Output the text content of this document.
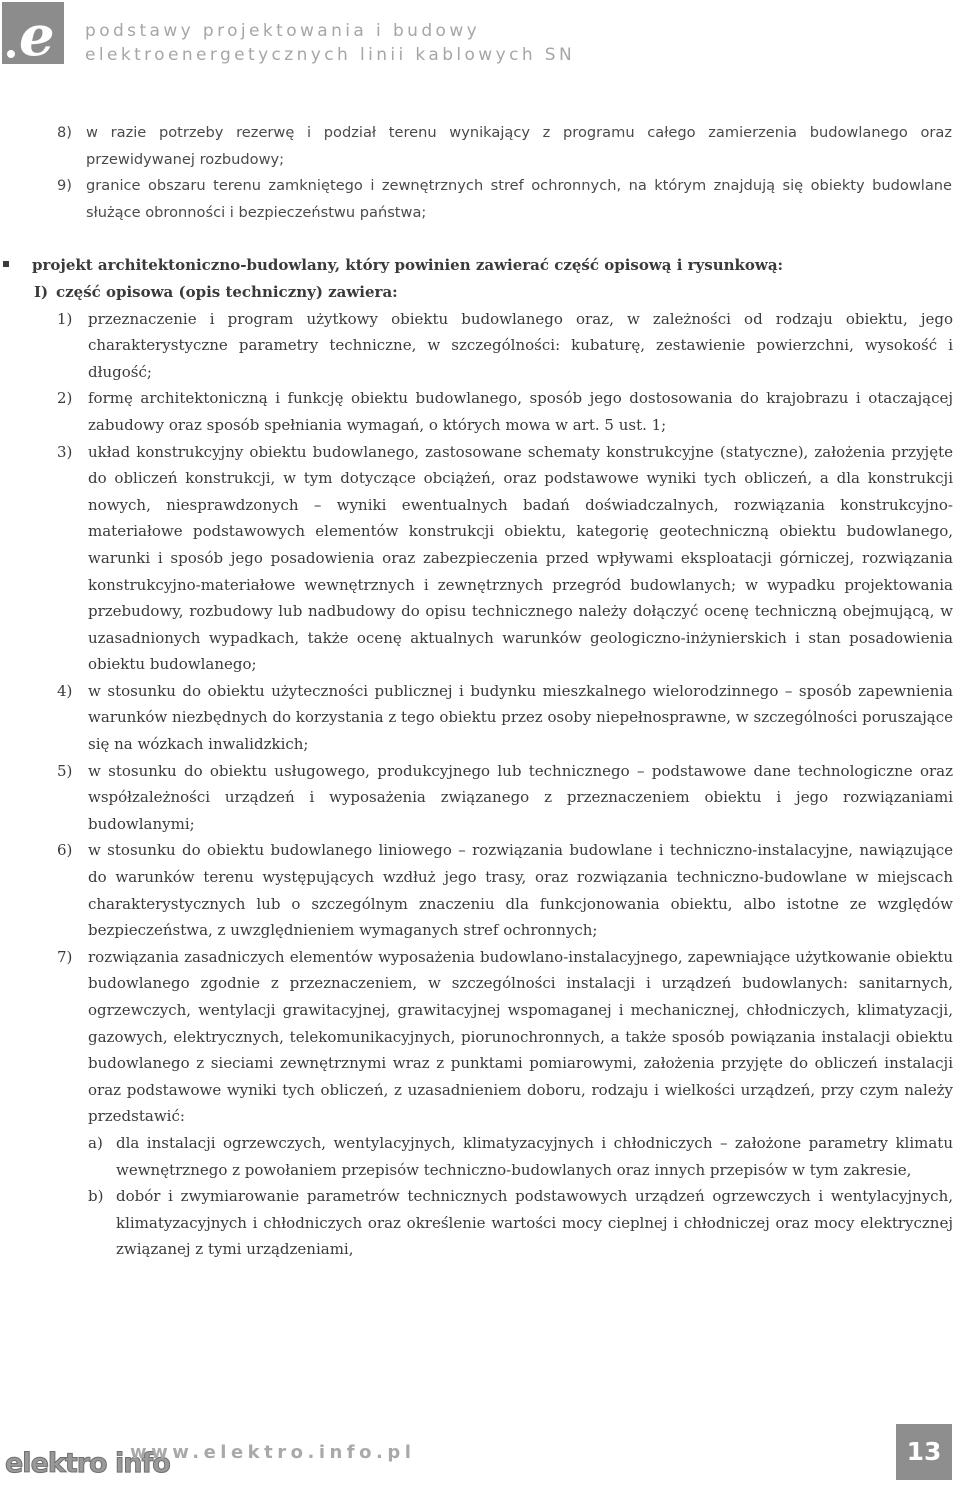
e podstawy projektowania i budowy
elektroenergetycznych linii kablowych SN
8) w razie potrzeby rezerwę i podział terenu wynikający z programu całego zamierzenia budowlanego oraz przewidywanej rozbudowy;
9) granice obszaru terenu zamkniętego i zewnętrznych stref ochronnych, na którym znajdują się obiekty budowlane służące obronności i bezpieczeństwu państwa;
projekt architektoniczno-budowlany, który powinien zawierać część opisową i rysunkową:
I) część opisowa (opis techniczny) zawiera:
1) przeznaczenie i program użytkowy obiektu budowlanego oraz, w zależności od rodzaju obiektu, jego charakterystyczne parametry techniczne, w szczególności: kubaturę, zestawienie powierzchni, wysokość i długość;
2) formę architektoniczną i funkcję obiektu budowlanego, sposób jego dostosowania do krajobrazu i otaczającej zabudowy oraz sposób spełniania wymagań, o których mowa w art. 5 ust. 1;
3) układ konstrukcyjny obiektu budowlanego, zastosowane schematy konstrukcyjne (statyczne), założenia przyjęte do obliczeń konstrukcji, w tym dotyczące obciążeń, oraz podstawowe wyniki tych obliczeń, a dla konstrukcji nowych, niesprawdzonych – wyniki ewentualnych badań doświadczalnych, rozwiązania konstrukcyjno-materiałowe podstawowych elementów konstrukcji obiektu, kategorię geotechniczną obiektu budowlanego, warunki i sposób jego posadowienia oraz zabezpieczenia przed wpływami eksploatacji górniczej, rozwiązania konstrukcyjno-materiałowe wewnętrznych i zewnętrznych przegród budowlanych; w wypadku projektowania przebudowy, rozbudowy lub nadbudowy do opisu technicznego należy dołączyć ocenę techniczną obejmującą, w uzasadnionych wypadkach, także ocenę aktualnych warunków geologiczno-inżynierskich i stan posadowienia obiektu budowlanego;
4) w stosunku do obiektu użyteczności publicznej i budynku mieszkalnego wielorodzinnego – sposób zapewnienia warunków niezbędnych do korzystania z tego obiektu przez osoby niepełnosprawne, w szczególności poruszające się na wózkach inwalidzkich;
5) w stosunku do obiektu usługowego, produkcyjnego lub technicznego – podstawowe dane technologiczne oraz współzależności urządzeń i wyposażenia związanego z przeznaczeniem obiektu i jego rozwiązaniami budowlanymi;
6) w stosunku do obiektu budowlanego liniowego – rozwiązania budowlane i techniczno-instalacyjne, nawiązujące do warunków terenu występujących wzdłuż jego trasy, oraz rozwiązania techniczno-budowlane w miejscach charakterystycznych lub o szczególnym znaczeniu dla funkcjonowania obiektu, albo istotne ze względów bezpieczeństwa, z uwzględnieniem wymaganych stref ochronnych;
7) rozwiązania zasadniczych elementów wyposażenia budowlano-instalacyjnego, zapewniające użytkowanie obiektu budowlanego zgodnie z przeznaczeniem, w szczególności instalacji i urządzeń budowlanych: sanitarnych, ogrzewczych, wentylacji grawitacyjnej, grawitacyjnej wspomaganej i mechanicznej, chłodniczych, klimatyzacji, gazowych, elektrycznych, telekomunikacyjnych, piorunochronnych, a także sposób powiązania instalacji obiektu budowlanego z sieciami zewnętrznymi wraz z punktami pomiarowymi, założenia przyjęte do obliczeń instalacji oraz podstawowe wyniki tych obliczeń, z uzasadnieniem doboru, rodzaju i wielkości urządzeń, przy czym należy przedstawić:
a) dla instalacji ogrzewczych, wentylacyjnych, klimatyzacyjnych i chłodniczych – założone parametry klimatu wewnętrznego z powołaniem przepisów techniczno-budowlanych oraz innych przepisów w tym zakresie,
b) dobór i zwymiarowanie parametrów technicznych podstawowych urządzeń ogrzewczych i wentylacyjnych, klimatyzacyjnych i chłodniczych oraz określenie wartości mocy cieplnej i chłodniczej oraz mocy elektrycznej związanej z tymi urządzeniami,
elektro info
www.elektro.info.pl	13
